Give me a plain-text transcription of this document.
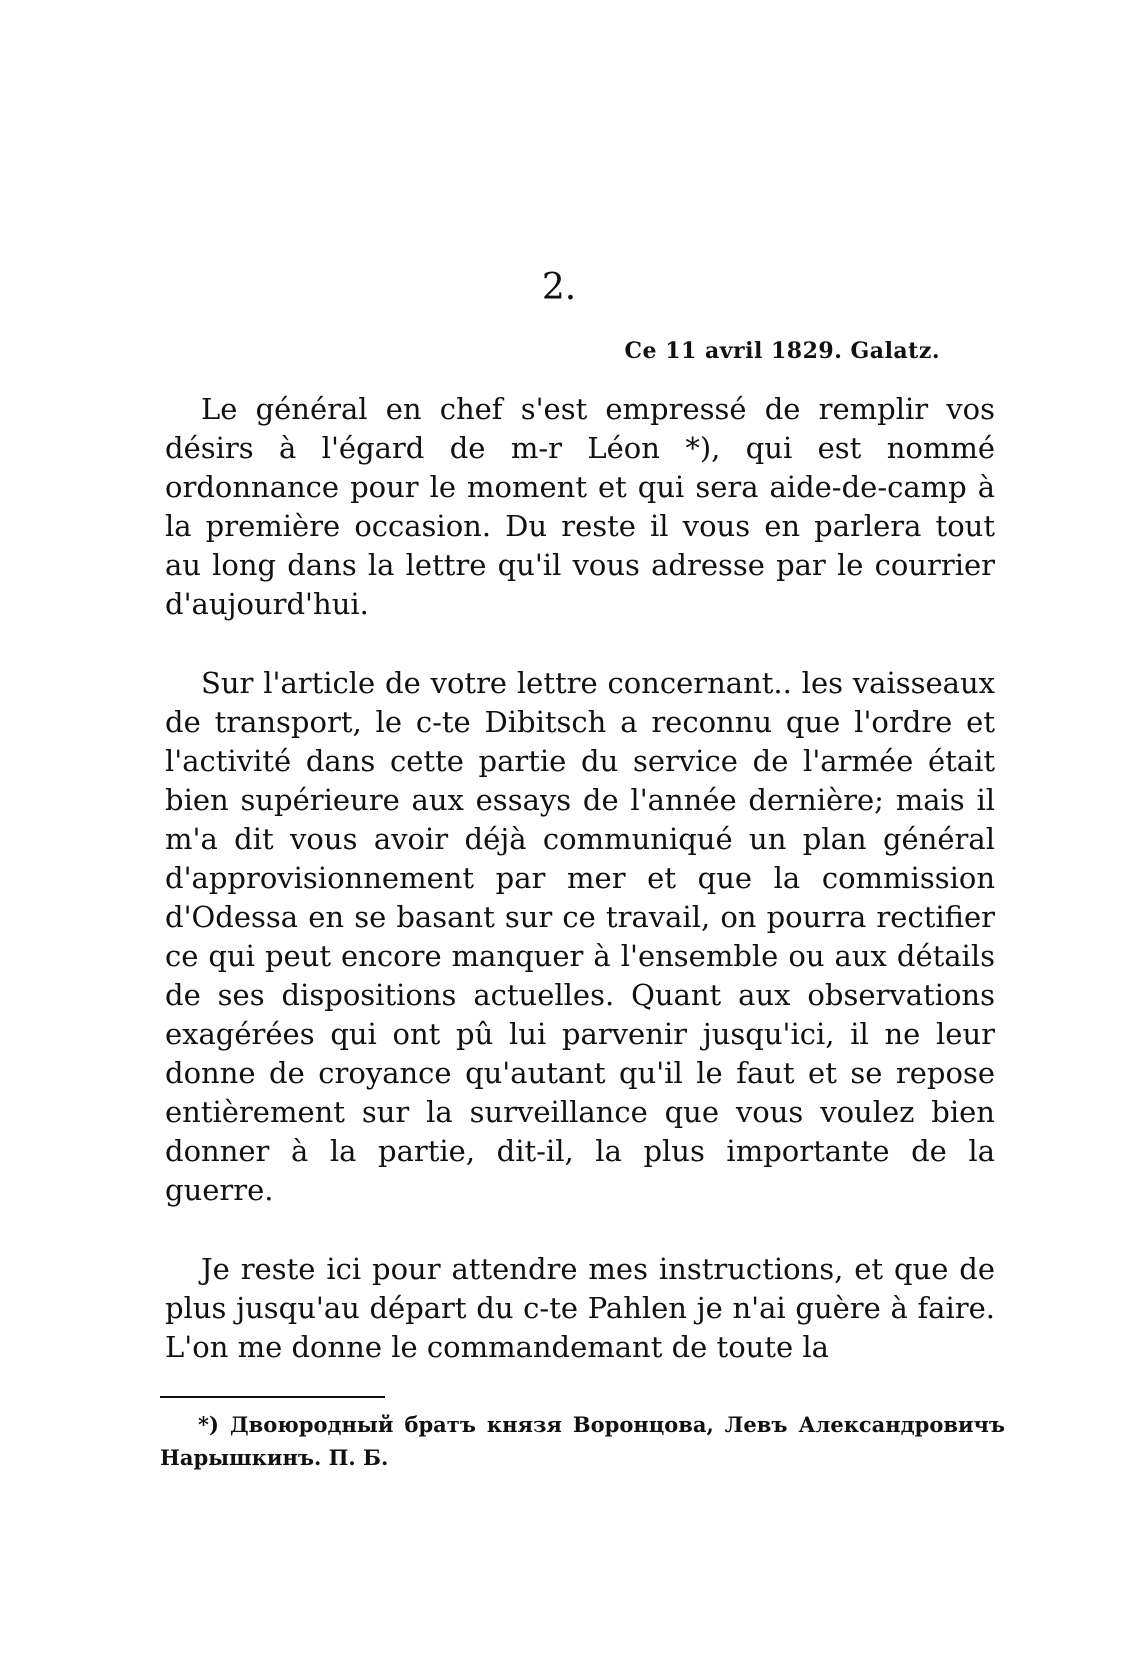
2.
Ce 11 avril 1829. Galatz.

Le général en chef s'est empressé de remplir vos désirs à l'égard de m-r Léon *), qui est nommé ordonnance pour le moment et qui sera aide-de-camp à la première occasion. Du reste il vous en parlera tout au long dans la lettre qu'il vous adresse par le courrier d'aujourd'hui.

Sur l'article de votre lettre concernant.. les vaisseaux de transport, le c-te Dibitsch a reconnu que l'ordre et l'activité dans cette partie du service de l'armée était bien supérieure aux essays de l'année dernière; mais il m'a dit vous avoir déjà communiqué un plan général d'approvisionnement par mer et que la commission d'Odessa en se basant sur ce travail, on pourra rectifier ce qui peut encore manquer à l'ensemble ou aux détails de ses dispositions actuelles. Quant aux observations exagérées qui ont pû lui parvenir jusqu'ici, il ne leur donne de croyance qu'autant qu'il le faut et se repose entièrement sur la surveillance que vous voulez bien donner à la partie, dit-il, la plus importante de la guerre.

Je reste ici pour attendre mes instructions, et que de plus jusqu'au départ du c-te Pahlen je n'ai guère à faire. L'on me donne le commandemant de toute la

*) Двоюродный братъ князя Воронцова, Левъ Александровичъ Нарышкинъ. П. Б.
